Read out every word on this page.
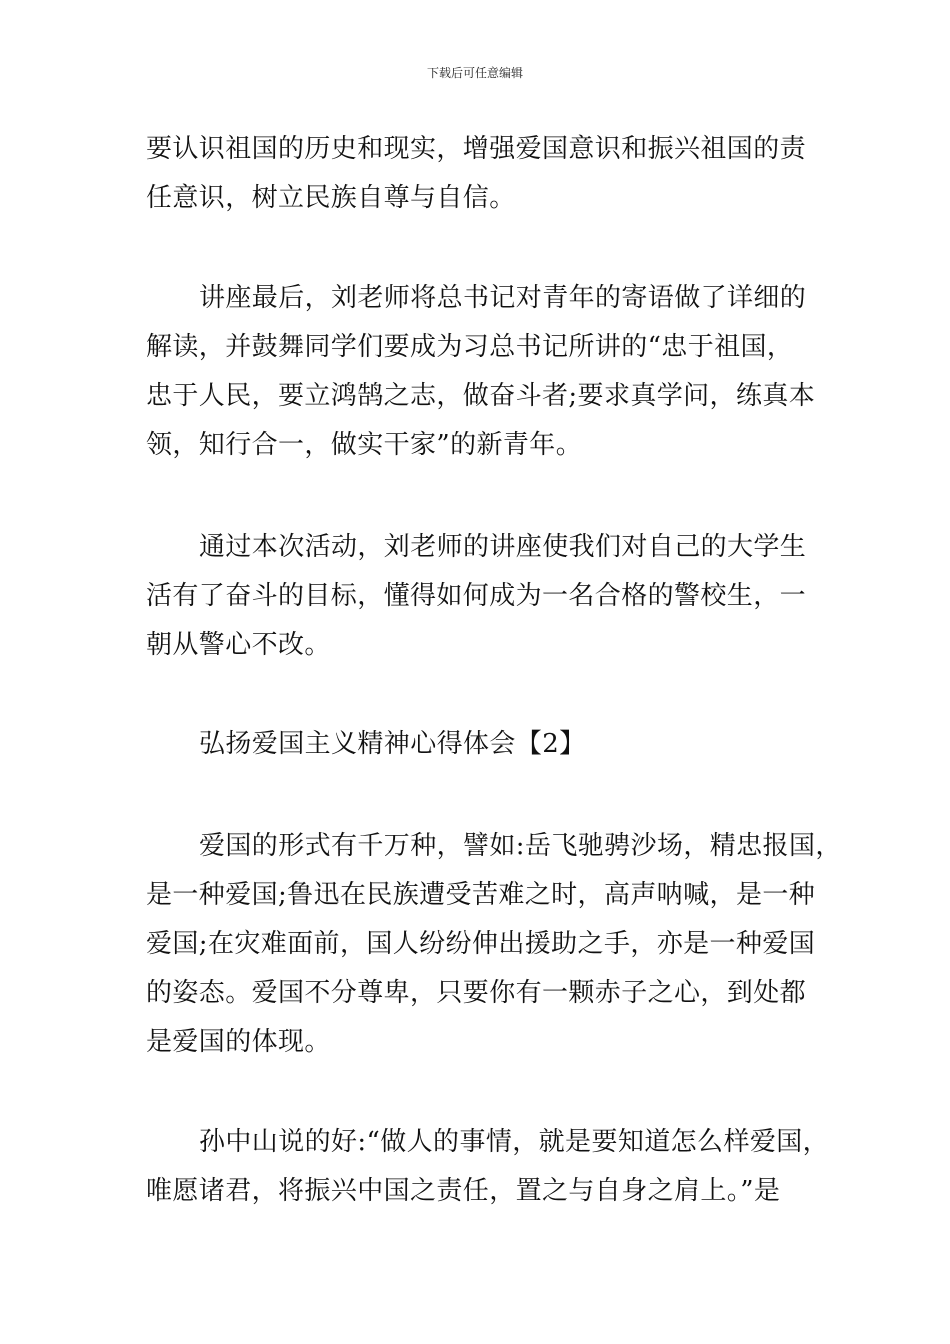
下载后可任意编辑
要认识祖国的历史和现实，增强爱国意识和振兴祖国的责
任意识，树立民族自尊与自信。
讲座最后，刘老师将总书记对青年的寄语做了详细的
解读，并鼓舞同学们要成为习总书记所讲的“忠于祖国，
忠于人民，要立鸿鹄之志，做奋斗者;要求真学问，练真本
领，知行合一，做实干家”的新青年。
通过本次活动，刘老师的讲座使我们对自己的大学生
活有了奋斗的目标，懂得如何成为一名合格的警校生，一
朝从警心不改。
弘扬爱国主义精神心得体会【2】
爱国的形式有千万种，譬如:岳飞驰骋沙场，精忠报国，
是一种爱国;鲁迅在民族遭受苦难之时，高声呐喊，是一种
爱国;在灾难面前，国人纷纷伸出援助之手，亦是一种爱国
的姿态。爱国不分尊卑，只要你有一颗赤子之心，到处都
是爱国的体现。
孙中山说的好:“做人的事情，就是要知道怎么样爱国，
唯愿诸君，将振兴中国之责任，置之与自身之肩上。”是
